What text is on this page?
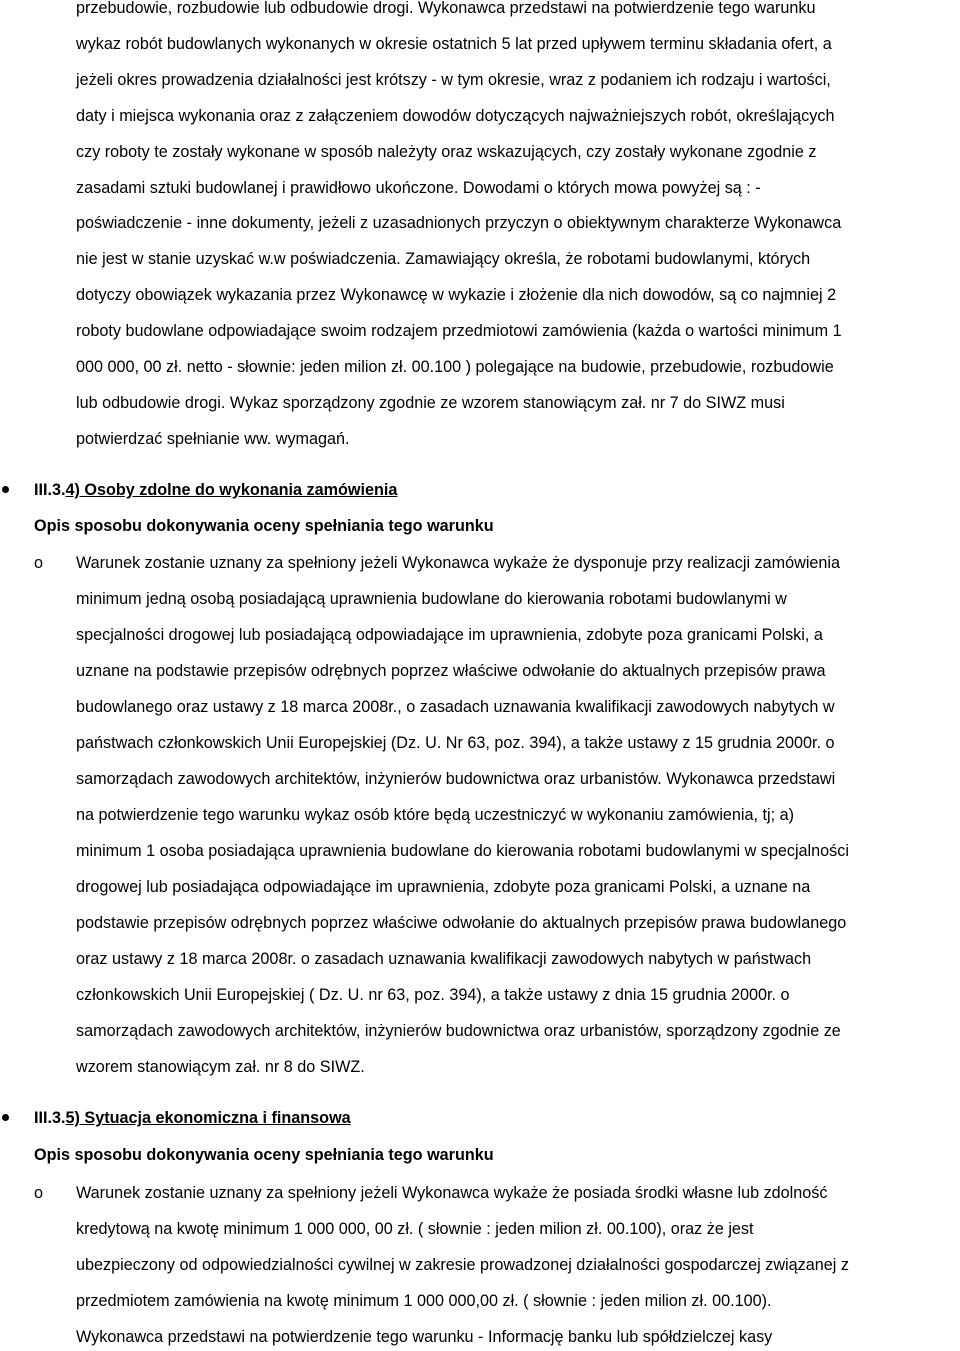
przebudowie, rozbudowie lub odbudowie drogi. Wykonawca przedstawi na potwierdzenie tego warunku
wykaz robót budowlanych wykonanych w okresie ostatnich 5 lat przed upływem terminu składania ofert, a
jeżeli okres prowadzenia działalności jest krótszy - w tym okresie, wraz z podaniem ich rodzaju i wartości,
daty i miejsca wykonania oraz z załączeniem dowodów dotyczących najważniejszych robót, określających
czy roboty te zostały wykonane w sposób należyty oraz wskazujących, czy zostały wykonane zgodnie z
zasadami sztuki budowlanej i prawidłowo ukończone. Dowodami o których mowa powyżej są : -
poświadczenie - inne dokumenty, jeżeli z uzasadnionych przyczyn o obiektywnym charakterze Wykonawca
nie jest w stanie uzyskać w.w poświadczenia. Zamawiający określa, że robotami budowlanymi, których
dotyczy obowiązek wykazania przez Wykonawcę w wykazie i złożenie dla nich dowodów, są co najmniej 2
roboty budowlane odpowiadające swoim rodzajem przedmiotowi zamówienia (każda o wartości minimum 1
000 000, 00 zł. netto - słownie: jeden milion zł. 00.100 ) polegające na budowie, przebudowie, rozbudowie
lub odbudowie drogi. Wykaz sporządzony zgodnie ze wzorem stanowiącym zał. nr 7 do SIWZ musi
potwierdzać spełnianie ww. wymagań.
III.3.4) Osoby zdolne do wykonania zamówienia
Opis sposobu dokonywania oceny spełniania tego warunku
o Warunek zostanie uznany za spełniony jeżeli Wykonawca wykaże że dysponuje przy realizacji zamówienia
minimum jedną osobą posiadającą uprawnienia budowlane do kierowania robotami budowlanymi w
specjalności drogowej lub posiadającą odpowiadające im uprawnienia, zdobyte poza granicami Polski, a
uznane na podstawie przepisów odrębnych poprzez właściwe odwołanie do aktualnych przepisów prawa
budowlanego oraz ustawy z 18 marca 2008r., o zasadach uznawania kwalifikacji zawodowych nabytych w
państwach członkowskich Unii Europejskiej (Dz. U. Nr 63, poz. 394), a także ustawy z 15 grudnia 2000r. o
samorządach zawodowych architektów, inżynierów budownictwa oraz urbanistów. Wykonawca przedstawi
na potwierdzenie tego warunku wykaz osób które będą uczestniczyć w wykonaniu zamówienia, tj; a)
minimum 1 osoba posiadająca uprawnienia budowlane do kierowania robotami budowlanymi w specjalności
drogowej lub posiadająca odpowiadające im uprawnienia, zdobyte poza granicami Polski, a uznane na
podstawie przepisów odrębnych poprzez właściwe odwołanie do aktualnych przepisów prawa budowlanego
oraz ustawy z 18 marca 2008r. o zasadach uznawania kwalifikacji zawodowych nabytych w państwach
członkowskich Unii Europejskiej ( Dz. U. nr 63, poz. 394), a także ustawy z dnia 15 grudnia 2000r. o
samorządach zawodowych architektów, inżynierów budownictwa oraz urbanistów, sporządzony zgodnie ze
wzorem stanowiącym zał. nr 8 do SIWZ.
III.3.5) Sytuacja ekonomiczna i finansowa
Opis sposobu dokonywania oceny spełniania tego warunku
o Warunek zostanie uznany za spełniony jeżeli Wykonawca wykaże że posiada środki własne lub zdolność
kredytową na kwotę minimum 1 000 000, 00 zł. ( słownie : jeden milion zł. 00.100), oraz że jest
ubezpieczony od odpowiedzialności cywilnej w zakresie prowadzonej działalności gospodarczej związanej z
przedmiotem zamówienia na kwotę minimum 1 000 000,00 zł. ( słownie : jeden milion zł. 00.100).
Wykonawca przedstawi na potwierdzenie tego warunku - Informację banku lub spółdzielczej kasy
